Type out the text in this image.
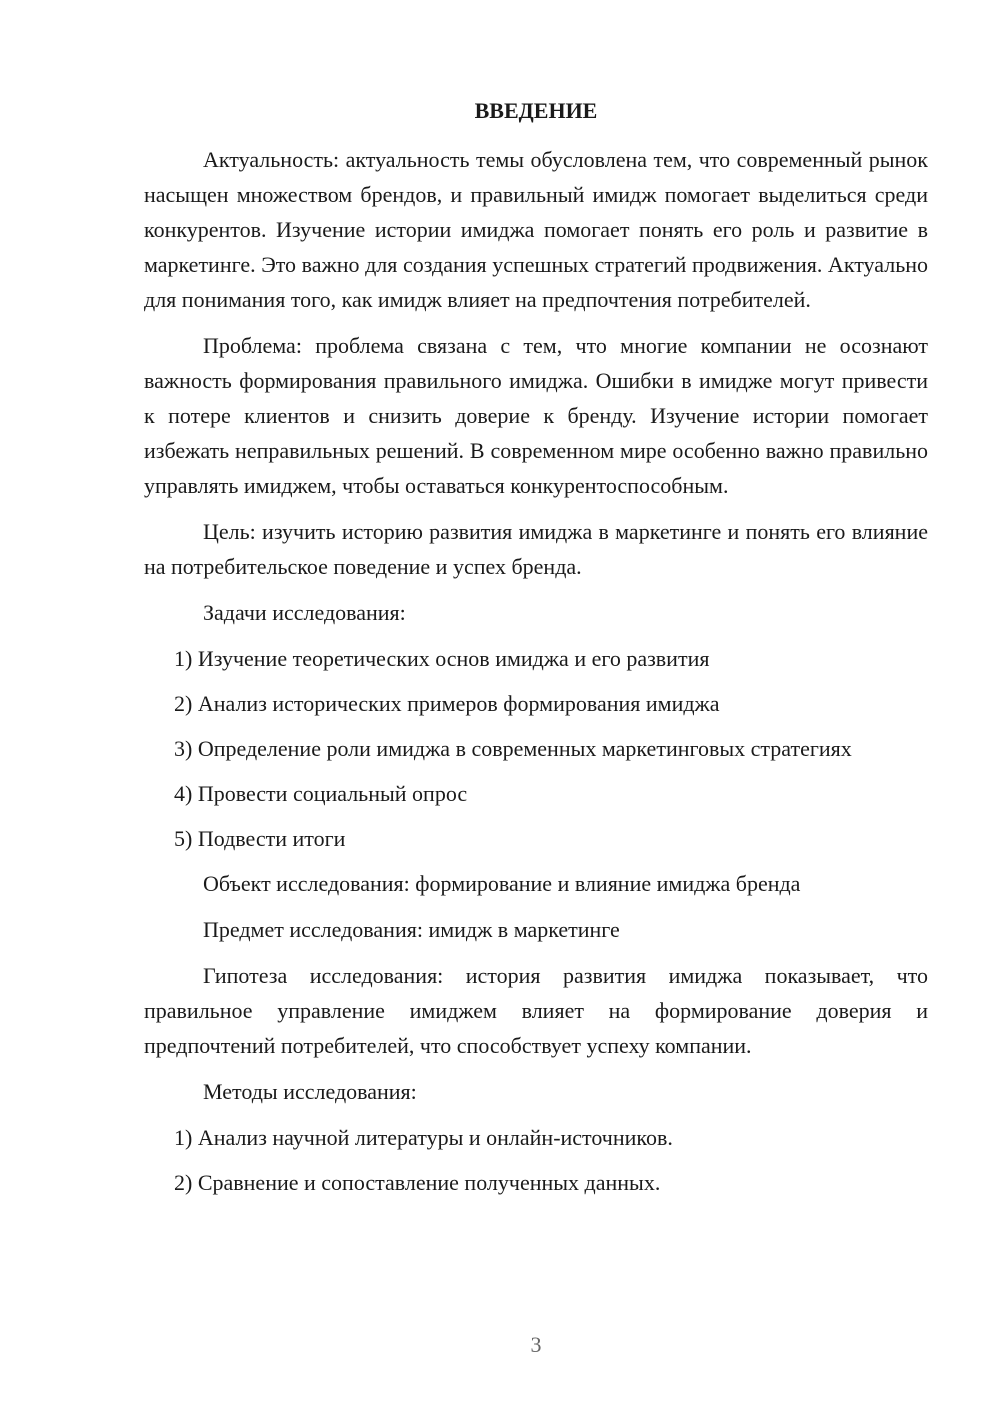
ВВЕДЕНИЕ
Актуальность: актуальность темы обусловлена тем, что современный рынок насыщен множеством брендов, и правильный имидж помогает выделиться среди конкурентов. Изучение истории имиджа помогает понять его роль и развитие в маркетинге. Это важно для создания успешных стратегий продвижения. Актуально для понимания того, как имидж влияет на предпочтения потребителей.
Проблема: проблема связана с тем, что многие компании не осознают важность формирования правильного имиджа. Ошибки в имидже могут привести к потере клиентов и снизить доверие к бренду. Изучение истории помогает избежать неправильных решений. В современном мире особенно важно правильно управлять имиджем, чтобы оставаться конкурентоспособным.
Цель: изучить историю развития имиджа в маркетинге и понять его влияние на потребительское поведение и успех бренда.
Задачи исследования:
1) Изучение теоретических основ имиджа и его развития
2) Анализ исторических примеров формирования имиджа
3) Определение роли имиджа в современных маркетинговых стратегиях
4) Провести социальный опрос
5) Подвести итоги
Объект исследования: формирование и влияние имиджа бренда
Предмет исследования: имидж в маркетинге
Гипотеза исследования: история развития имиджа показывает, что правильное управление имиджем влияет на формирование доверия и предпочтений потребителей, что способствует успеху компании.
Методы исследования:
1) Анализ научной литературы и онлайн-источников.
2) Сравнение и сопоставление полученных данных.
3
